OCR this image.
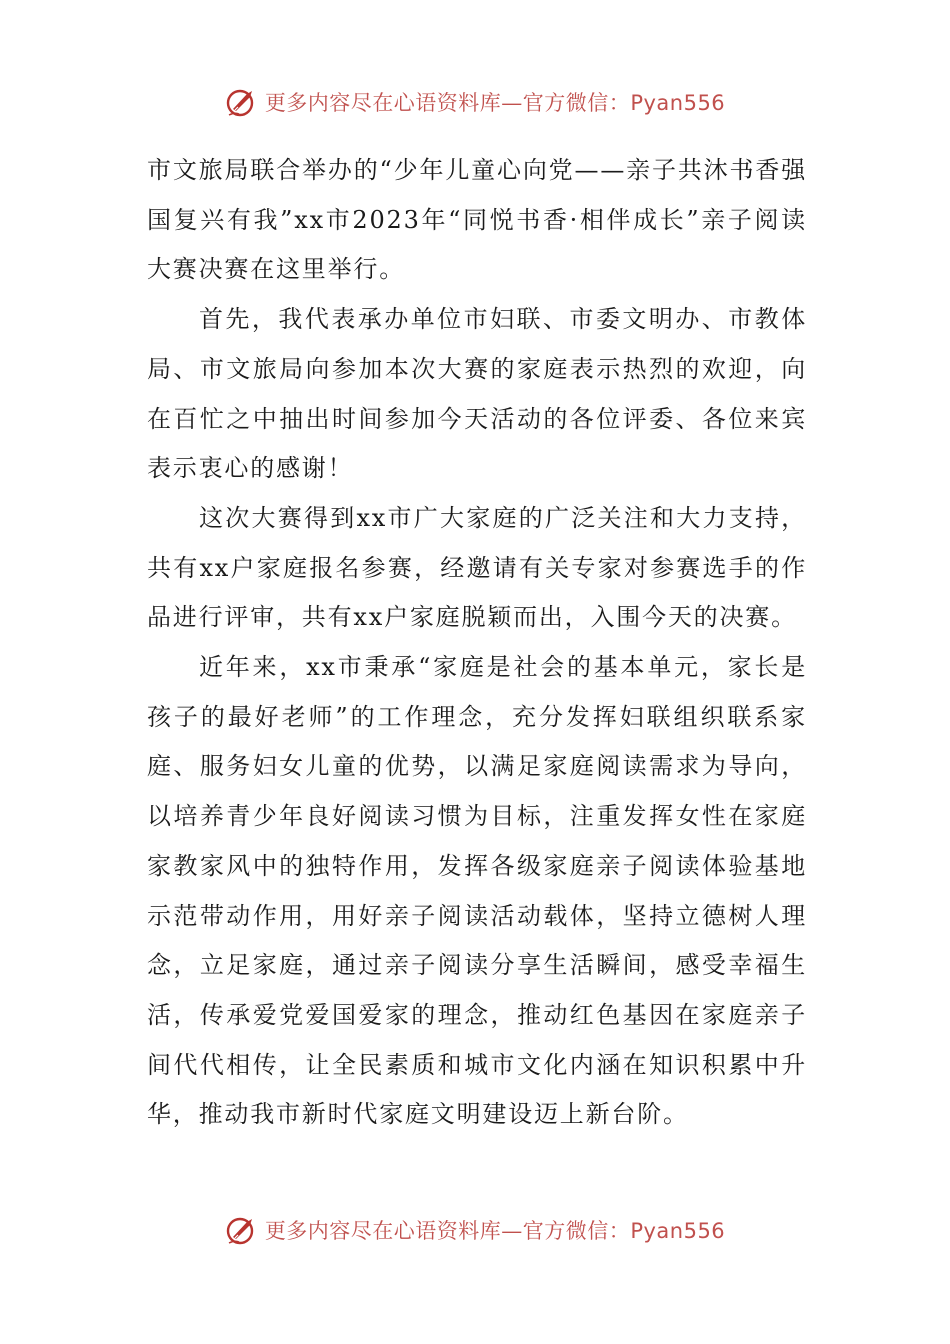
更多内容尽在心语资料库—官方微信：Pyan556

市文旅局联合举办的“少年儿童心向党——亲子共沐书香强国复兴有我”xx市2023年“同悦书香·相伴成长”亲子阅读大赛决赛在这里举行。

首先，我代表承办单位市妇联、市委文明办、市教体局、市文旅局向参加本次大赛的家庭表示热烈的欢迎，向在百忙之中抽出时间参加今天活动的各位评委、各位来宾表示衷心的感谢！

这次大赛得到xx市广大家庭的广泛关注和大力支持，共有xx户家庭报名参赛，经邀请有关专家对参赛选手的作品进行评审，共有xx户家庭脱颖而出，入围今天的决赛。

近年来，xx市秉承“家庭是社会的基本单元，家长是孩子的最好老师”的工作理念，充分发挥妇联组织联系家庭、服务妇女儿童的优势，以满足家庭阅读需求为导向，以培养青少年良好阅读习惯为目标，注重发挥女性在家庭家教家风中的独特作用，发挥各级家庭亲子阅读体验基地示范带动作用，用好亲子阅读活动载体，坚持立德树人理念，立足家庭，通过亲子阅读分享生活瞬间，感受幸福生活，传承爱党爱国爱家的理念，推动红色基因在家庭亲子间代代相传，让全民素质和城市文化内涵在知识积累中升华，推动我市新时代家庭文明建设迈上新台阶。

更多内容尽在心语资料库—官方微信：Pyan556
